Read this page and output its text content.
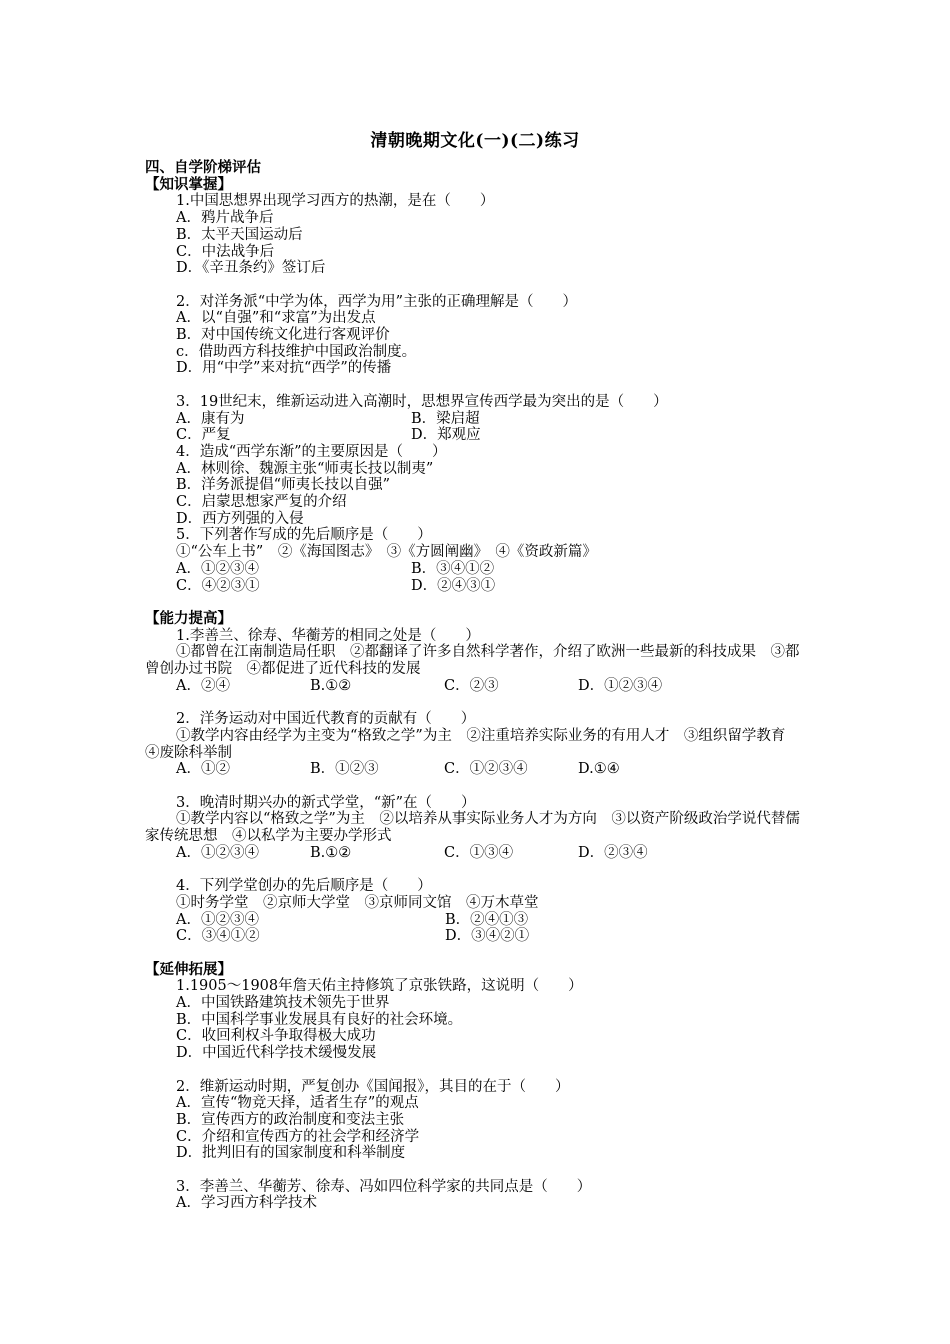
清朝晚期文化(一)(二)练习
四、自学阶梯评估
【知识掌握】
1.中国思想界出现学习西方的热潮，是在（　　）
A．鸦片战争后
B．太平天国运动后
C．中法战争后
D．《辛丑条约》签订后
2．对洋务派“中学为体，西学为用”主张的正确理解是（　　）
A．以“自强”和“求富”为出发点
B．对中国传统文化进行客观评价
c．借助西方科技维护中国政治制度。
D．用“中学”来对抗“西学”的传播
3．19世纪末，维新运动进入高潮时，思想界宣传西学最为突出的是（　　）
A．康有为	B．梁启超
C．严复	D．郑观应
4．造成“西学东渐”的主要原因是（　　）
A．林则徐、魏源主张“师夷长技以制夷”
B．洋务派提倡“师夷长技以自强”
C．启蒙思想家严复的介绍
D．西方列强的入侵
5．下列著作写成的先后顺序是（　　）
①“公车上书”　②《海国图志》　③《方圆阐幽》　④《资政新篇》
A．①②③④	B．③④①②
C．④②③①	D．②④③①
【能力提高】
1.李善兰、徐寿、华蘅芳的相同之处是（　　）
①都曾在江南制造局任职　②都翻译了许多自然科学著作，介绍了欧洲一些最新的科技成果　③都曾创办过书院　④都促进了近代科技的发展
A．②④	B.①②	C．②③	D．①②③④
2．洋务运动对中国近代教育的贡献有（　　）
①教学内容由经学为主变为“格致之学”为主　②注重培养实际业务的有用人才　③组织留学教育　④废除科举制
A．①②	B．①②③	C．①②③④	D.①④
3．晚清时期兴办的新式学堂，“新”在（　　）
①教学内容以“格致之学”为主　②以培养从事实际业务人才为方向　③以资产阶级政治学说代替儒家传统思想　④以私学为主要办学形式
A．①②③④	B.①②	C．①③④	D．②③④
4．下列学堂创办的先后顺序是（　　）
①时务学堂　②京师大学堂　③京师同文馆　④万木草堂
A．①②③④	B．②④①③
C．③④①②	D．③④②①
【延伸拓展】
1.1905～1908年詹天佑主持修筑了京张铁路，这说明（　　）
A．中国铁路建筑技术领先于世界
B．中国科学事业发展具有良好的社会环境。
C．收回利权斗争取得极大成功
D．中国近代科学技术缓慢发展
2．维新运动时期，严复创办《国闻报》，其目的在于（　　）
A．宣传“物竞天择，适者生存”的观点
B．宣传西方的政治制度和变法主张
C．介绍和宣传西方的社会学和经济学
D．批判旧有的国家制度和科举制度
3．李善兰、华蘅芳、徐寿、冯如四位科学家的共同点是（　　）
A．学习西方科学技术
